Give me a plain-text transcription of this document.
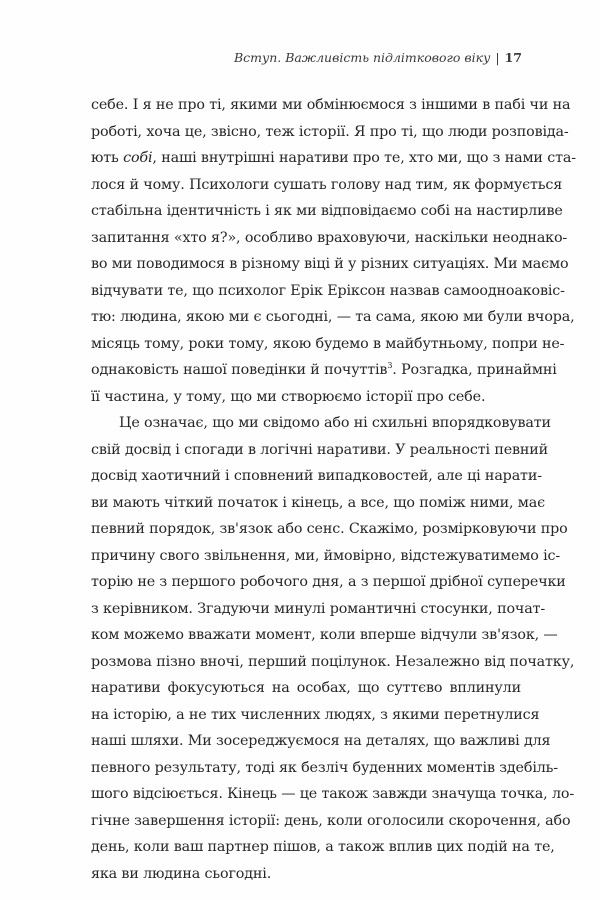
Вступ. Важливість підліткового віку | 17
себе. І я не про ті, якими ми обмінюємося з іншими в пабі чи на
роботі, хоча це, звісно, теж історії. Я про ті, що люди розповіда-
ють собі, наші внутрішні наративи про те, хто ми, що з нами ста-
лося й чому. Психологи сушать голову над тим, як формується
стабільна ідентичність і як ми відповідаємо собі на настирливе
запитання «хто я?», особливо враховуючи, наскільки неоднако-
во ми поводимося в різному віці й у різних ситуаціях. Ми маємо
відчувати те, що психолог Ерік Еріксон назвав самоодноаковіс-
тю: людина, якою ми є сьогодні, — та сама, якою ми були вчора,
місяць тому, роки тому, якою будемо в майбутньому, попри не-
однаковість нашої поведінки й почуттів$^3$. Розгадка, принаймні
її частина, у тому, що ми створюємо історії про себе.
Це означає, що ми свідомо або ні схильні впорядковувати
свій досвід і спогади в логічні наративи. У реальності певний
досвід хаотичний і сповнений випадковостей, але ці нарати-
ви мають чіткий початок і кінець, а все, що поміж ними, має
певний порядок, зв'язок або сенс. Скажімо, розмірковуючи про
причину свого звільнення, ми, ймовірно, відстежуватимемо іс-
торію не з першого робочого дня, а з першої дрібної суперечки
з керівником. Згадуючи минулі романтичні стосунки, почат-
ком можемо вважати момент, коли вперше відчули зв'язок, —
розмова пізно вночі, перший поцілунок. Незалежно від початку,
наративи фокусуються на особах, що суттєво вплинули
на історію, а не тих численних людях, з якими перетнулися
наші шляхи. Ми зосереджуємося на деталях, що важливі для
певного результату, тоді як безліч буденних моментів здебіль-
шого відсіюється. Кінець — це також завжди значуща точка, ло-
гічне завершення історії: день, коли оголосили скорочення, або
день, коли ваш партнер пішов, а також вплив цих подій на те,
яка ви людина сьогодні.
